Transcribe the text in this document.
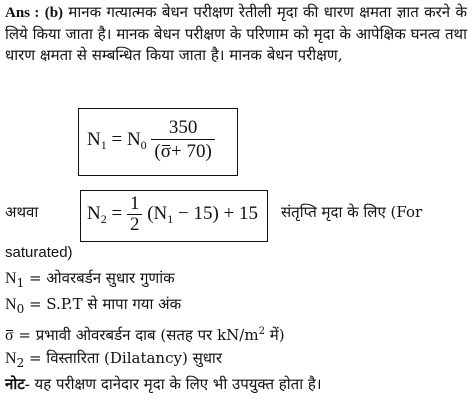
Ans : (b) मानक गत्यात्मक बेधन परीक्षण रेतीली मृदा की धारण क्षमता ज्ञात करने के लिये किया जाता है। मानक बेधन परीक्षण के परिणाम को मृदा के आपेक्षिक घनत्व तथा धारण क्षमता से सम्बन्धित किया जाता है। मानक बेधन परीक्षण,
$N_1 = N_0 \frac{350}{(\sigma+ 70)}$
अथवा	$N_2 = \frac{1}{2} (N_1 - 15) + 15$ संतृप्ति मृदा के लिए (For
saturated)
$N_1$ = ओवरबर्डन सुधार गुणांक
$N_0 = S.P.T$ से मापा गया अंक
σ = प्रभावी ओवरबर्डन दाब (सतह पर $kN/m^2$ में)
$N_2$ = विस्तारिता (Dilatancy) सुधार
नोट- यह परीक्षण दानेदार मृदा के लिए भी उपयुक्त होता है।
